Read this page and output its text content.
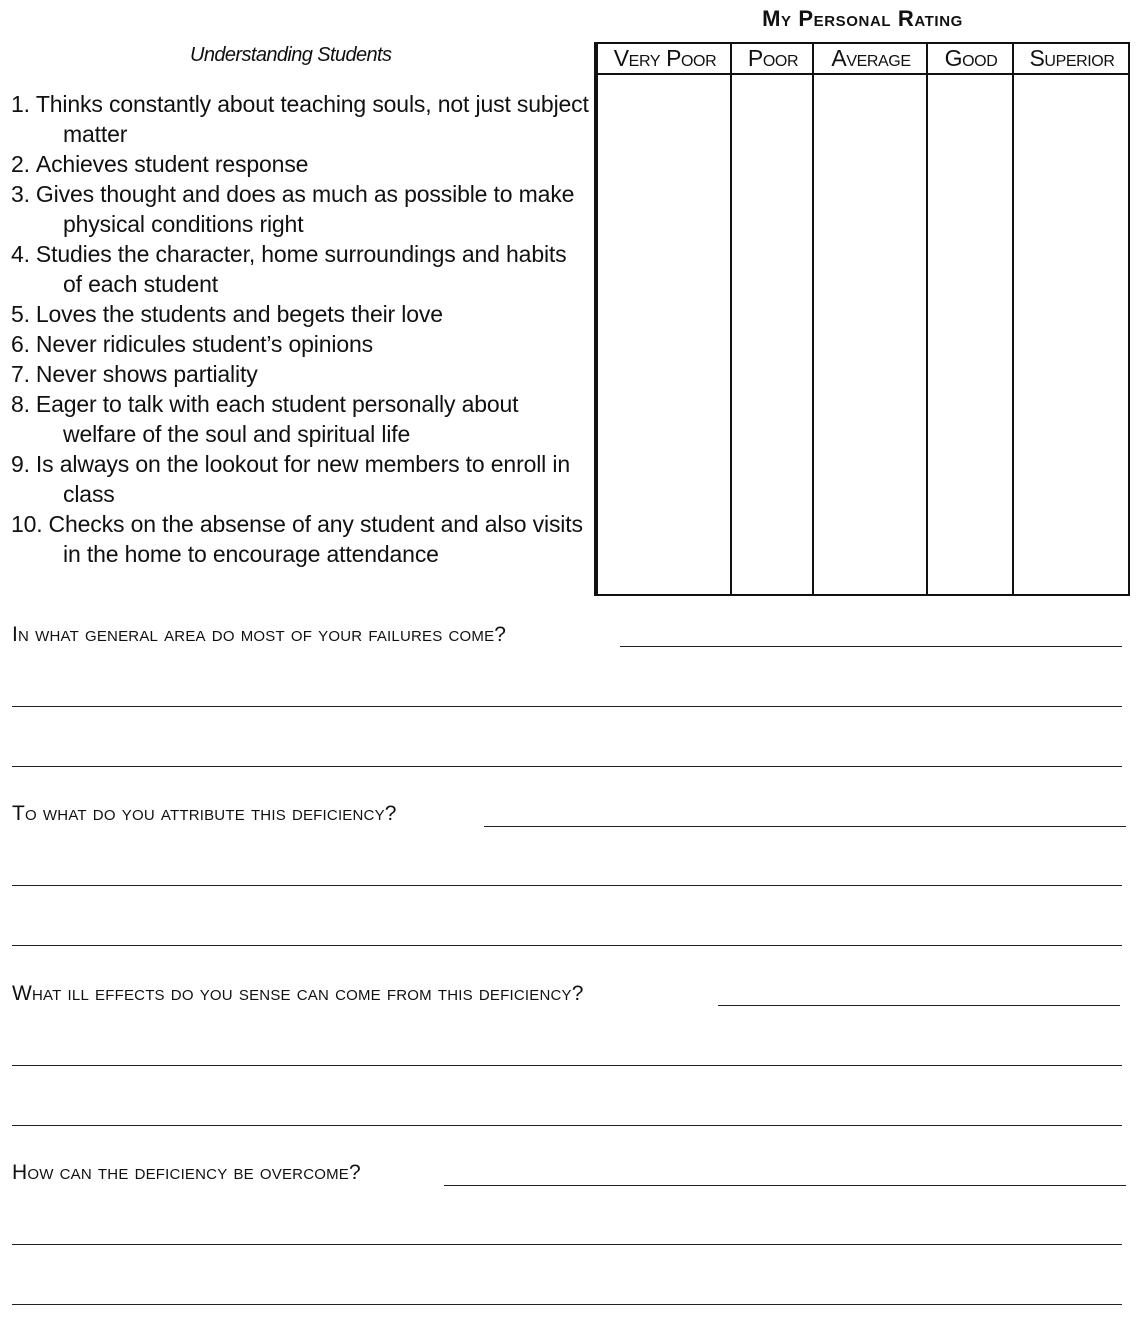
Understanding Students
1. Thinks constantly about teaching souls, not just subject matter
2. Achieves student response
3. Gives thought and does as much as possible to make physical conditions right
4. Studies the character, home surroundings and habits of each student
5. Loves the students and begets their love
6. Never ridicules student’s opinions
7. Never shows partiality
8. Eager to talk with each student personally about welfare of the soul and spiritual life
9. Is always on the lookout for new members to enroll in class
10. Checks on the absense of any student and also visits in the home to encourage attendance
My Personal Rating
Very Poor	Poor	Average	Good	Superior
In what general area do most of your failures come?
To what do you attribute this deficiency?
What ill effects do you sense can come from this deficiency?
How can the deficiency be overcome?
